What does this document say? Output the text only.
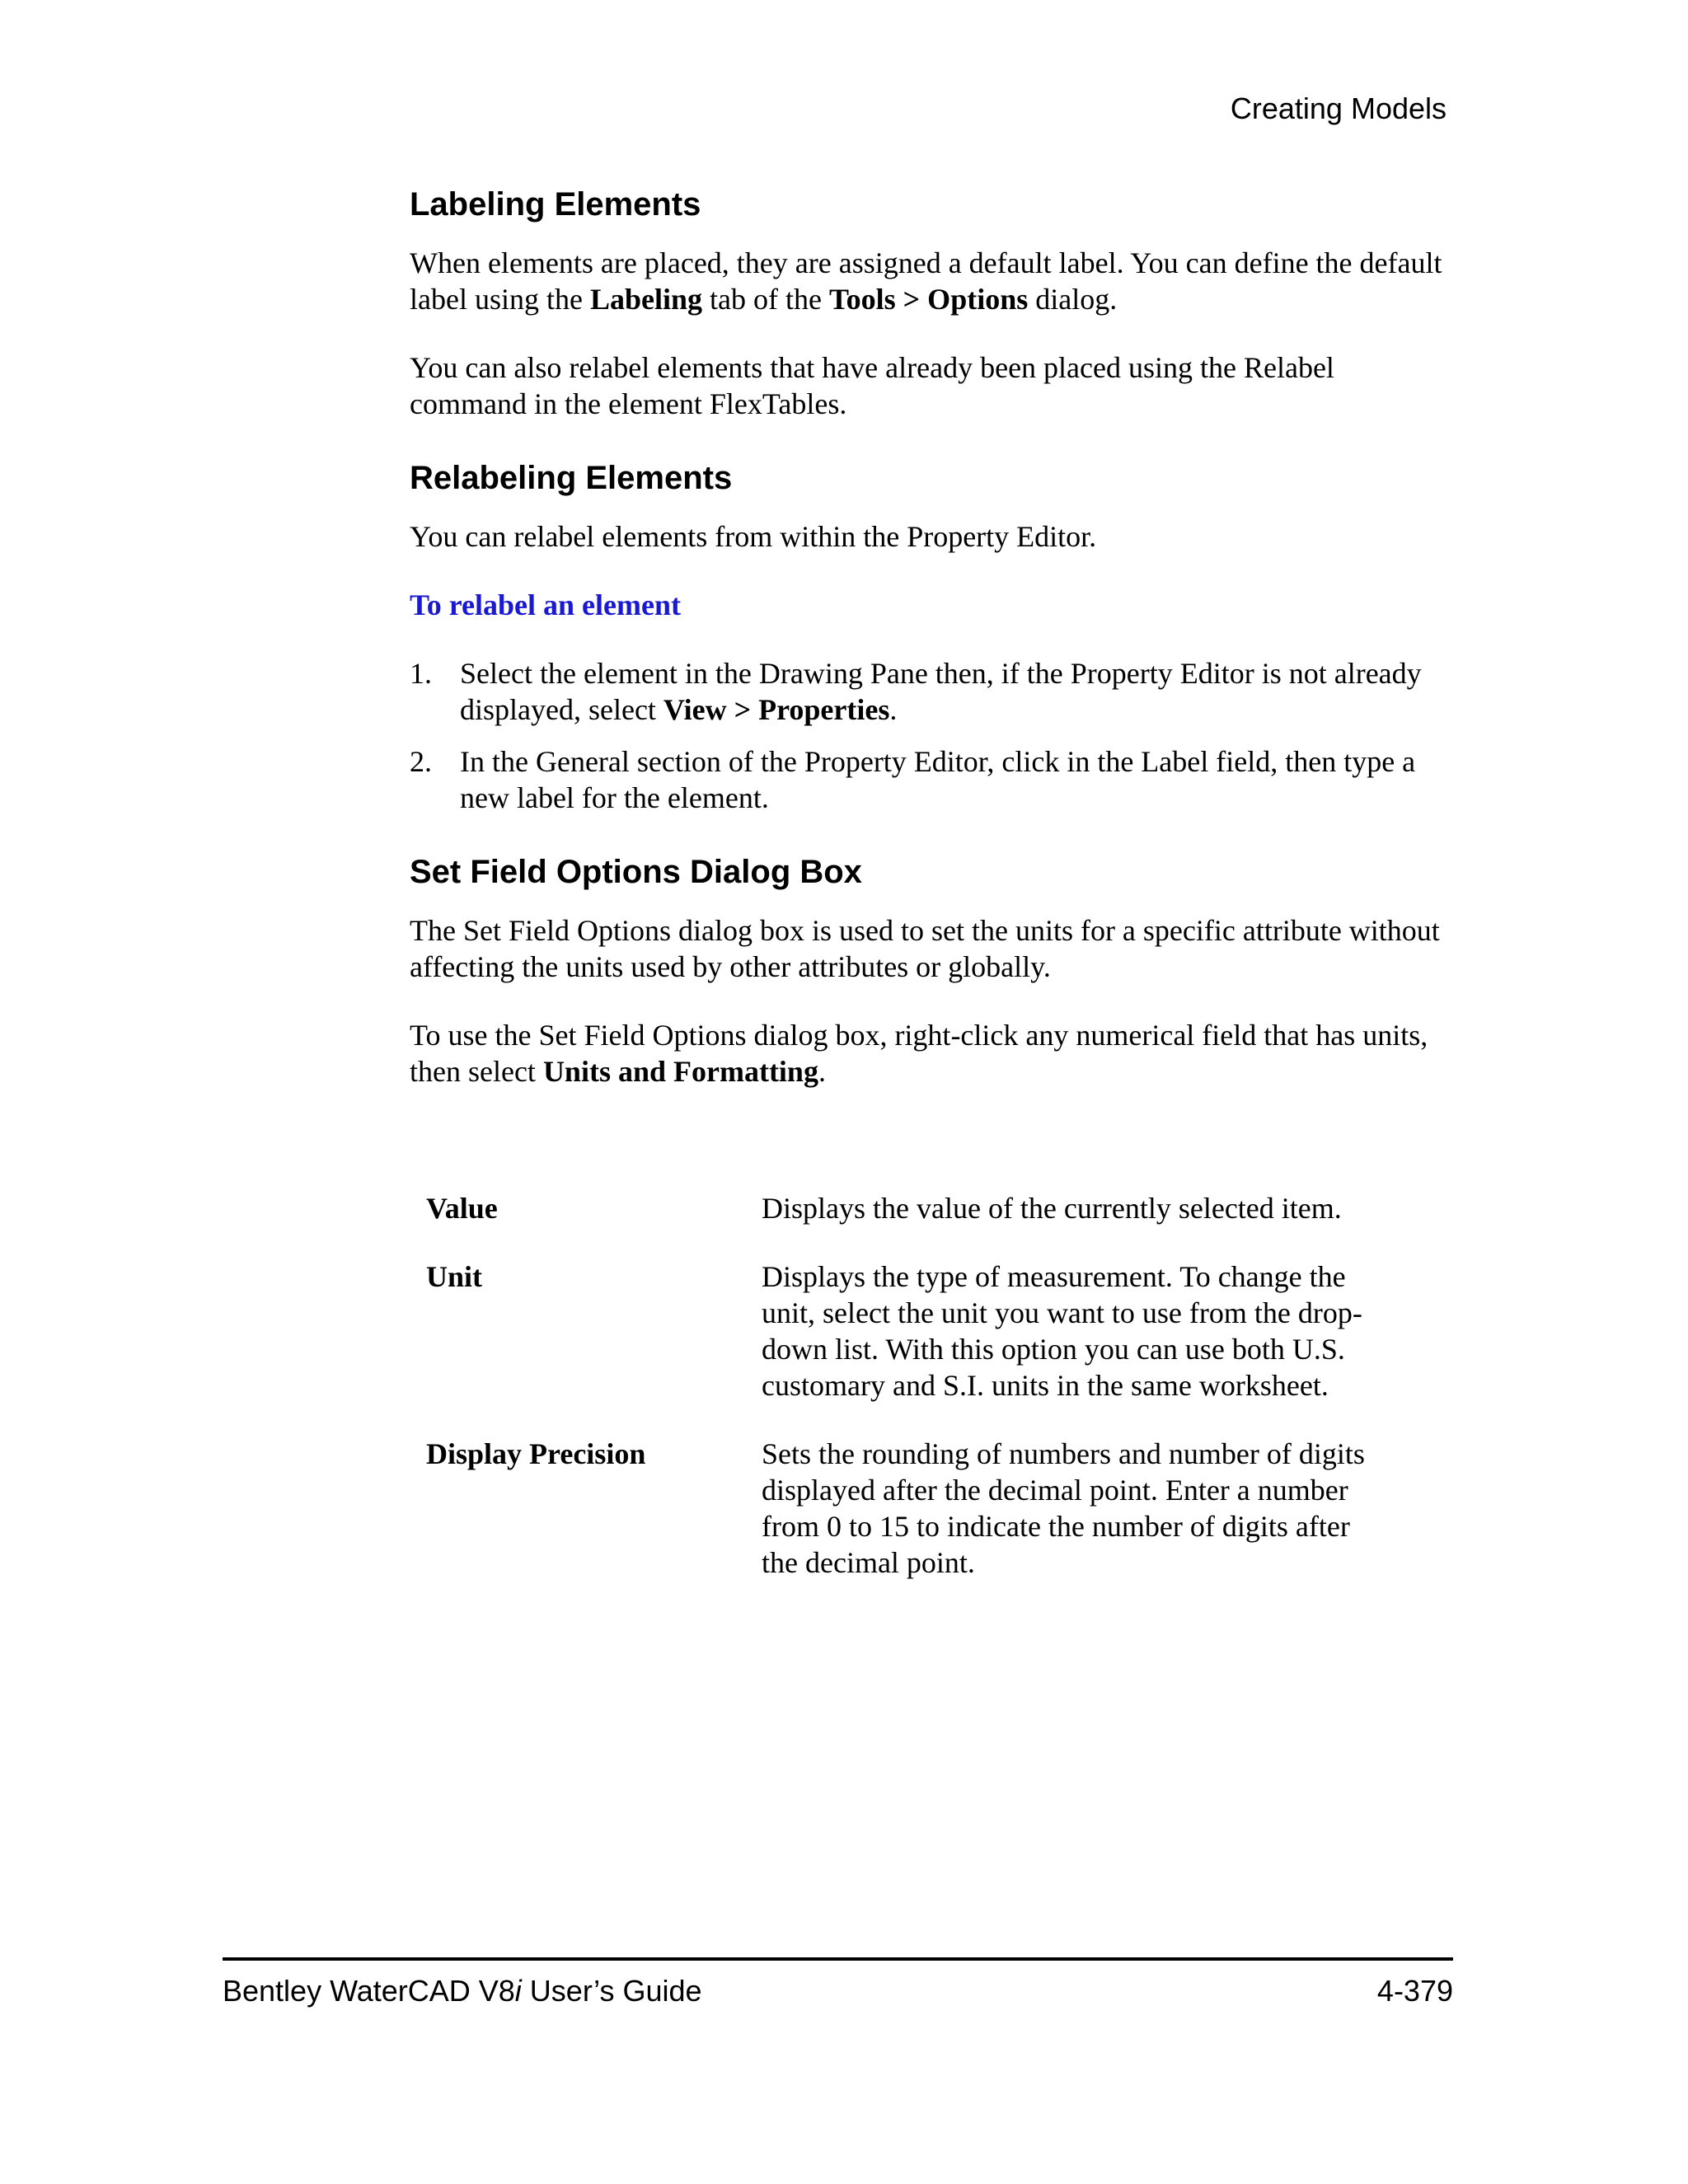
Creating Models
Labeling Elements

When elements are placed, they are assigned a default label. You can define the default label using the Labeling tab of the Tools > Options dialog.

You can also relabel elements that have already been placed using the Relabel command in the element FlexTables.

Relabeling Elements

You can relabel elements from within the Property Editor.

To relabel an element

1. Select the element in the Drawing Pane then, if the Property Editor is not already displayed, select View > Properties.
2. In the General section of the Property Editor, click in the Label field, then type a new label for the element.
Set Field Options Dialog Box

The Set Field Options dialog box is used to set the units for a specific attribute without affecting the units used by other attributes or globally.

To use the Set Field Options dialog box, right-click any numerical field that has units, then select Units and Formatting.

Value	Displays the value of the currently selected item.
Unit	Displays the type of measurement. To change the unit, select the unit you want to use from the drop-down list. With this option you can use both U.S. customary and S.I. units in the same worksheet.
Display Precision	Sets the rounding of numbers and number of digits displayed after the decimal point. Enter a number from 0 to 15 to indicate the number of digits after the decimal point.
Bentley WaterCAD V8i User’s Guide	4-379
